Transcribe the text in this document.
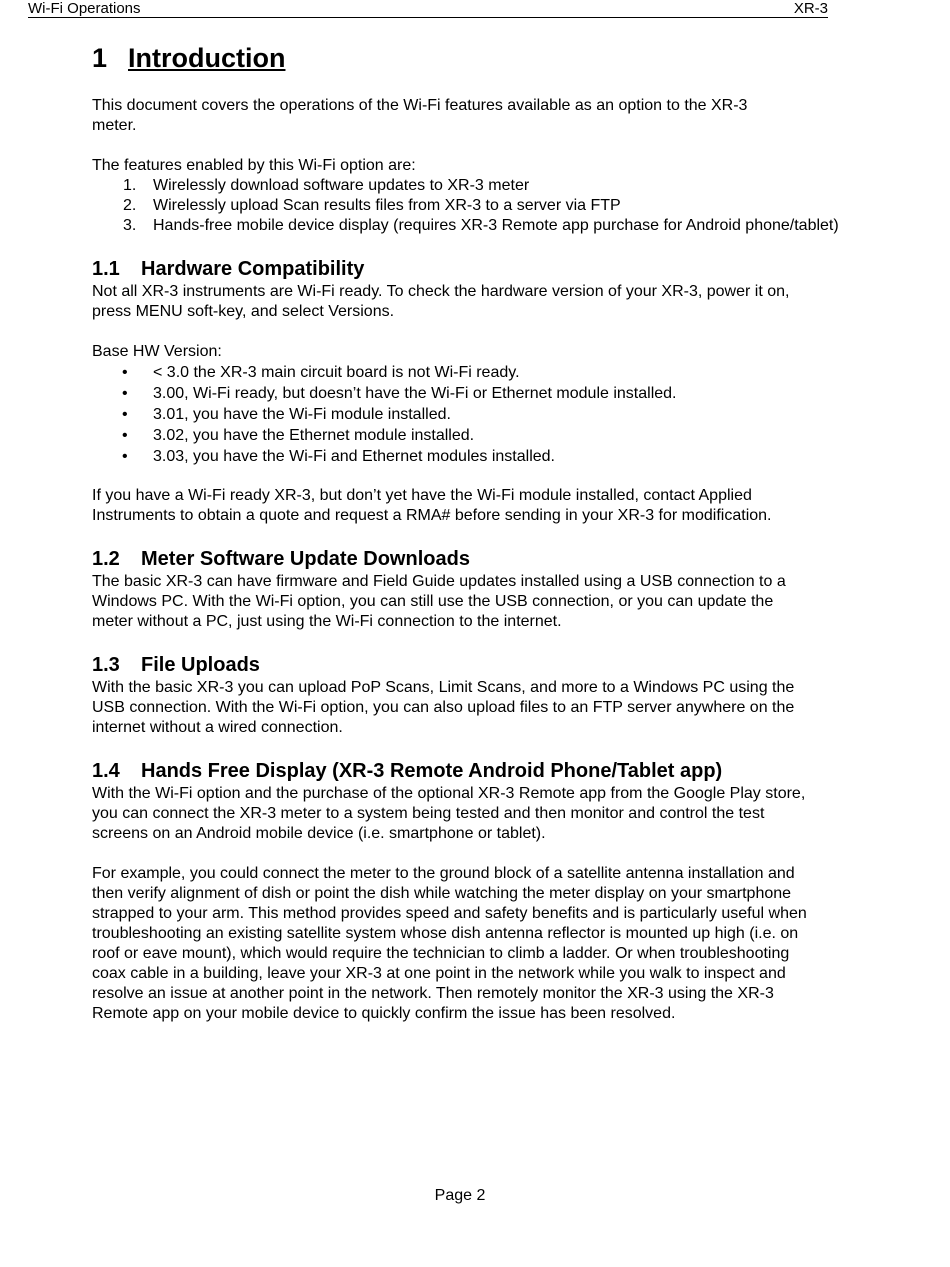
Wi-Fi Operations	XR-3
1 Introduction

This document covers the operations of the Wi-Fi features available as an option to the XR-3 meter.

The features enabled by this Wi-Fi option are:

1. Wirelessly download software updates to XR-3 meter
2. Wirelessly upload Scan results files from XR-3 to a server via FTP
3. Hands-free mobile device display (requires XR-3 Remote app purchase for Android phone/tablet)
1.1 Hardware Compatibility

Not all XR-3 instruments are Wi-Fi ready. To check the hardware version of your XR-3, power it on, press MENU soft-key, and select Versions.

Base HW Version:

• < 3.0 the XR-3 main circuit board is not Wi-Fi ready.
• 3.00, Wi-Fi ready, but doesn’t have the Wi-Fi or Ethernet module installed.
• 3.01, you have the Wi-Fi module installed.
• 3.02, you have the Ethernet module installed.
• 3.03, you have the Wi-Fi and Ethernet modules installed.

If you have a Wi-Fi ready XR-3, but don’t yet have the Wi-Fi module installed, contact Applied Instruments to obtain a quote and request a RMA# before sending in your XR-3 for modification.

1.2 Meter Software Update Downloads

The basic XR-3 can have firmware and Field Guide updates installed using a USB connection to a Windows PC. With the Wi-Fi option, you can still use the USB connection, or you can update the meter without a PC, just using the Wi-Fi connection to the internet.

1.3 File Uploads

With the basic XR-3 you can upload PoP Scans, Limit Scans, and more to a Windows PC using the USB connection. With the Wi-Fi option, you can also upload files to an FTP server anywhere on the internet without a wired connection.

1.4 Hands Free Display (XR-3 Remote Android Phone/Tablet app)

With the Wi-Fi option and the purchase of the optional XR-3 Remote app from the Google Play store, you can connect the XR-3 meter to a system being tested and then monitor and control the test screens on an Android mobile device (i.e. smartphone or tablet).

For example, you could connect the meter to the ground block of a satellite antenna installation and then verify alignment of dish or point the dish while watching the meter display on your smartphone strapped to your arm. This method provides speed and safety benefits and is particularly useful when troubleshooting an existing satellite system whose dish antenna reflector is mounted up high (i.e. on roof or eave mount), which would require the technician to climb a ladder. Or when troubleshooting coax cable in a building, leave your XR-3 at one point in the network while you walk to inspect and resolve an issue at another point in the network. Then remotely monitor the XR-3 using the XR-3 Remote app on your mobile device to quickly confirm the issue has been resolved.

Page 2
